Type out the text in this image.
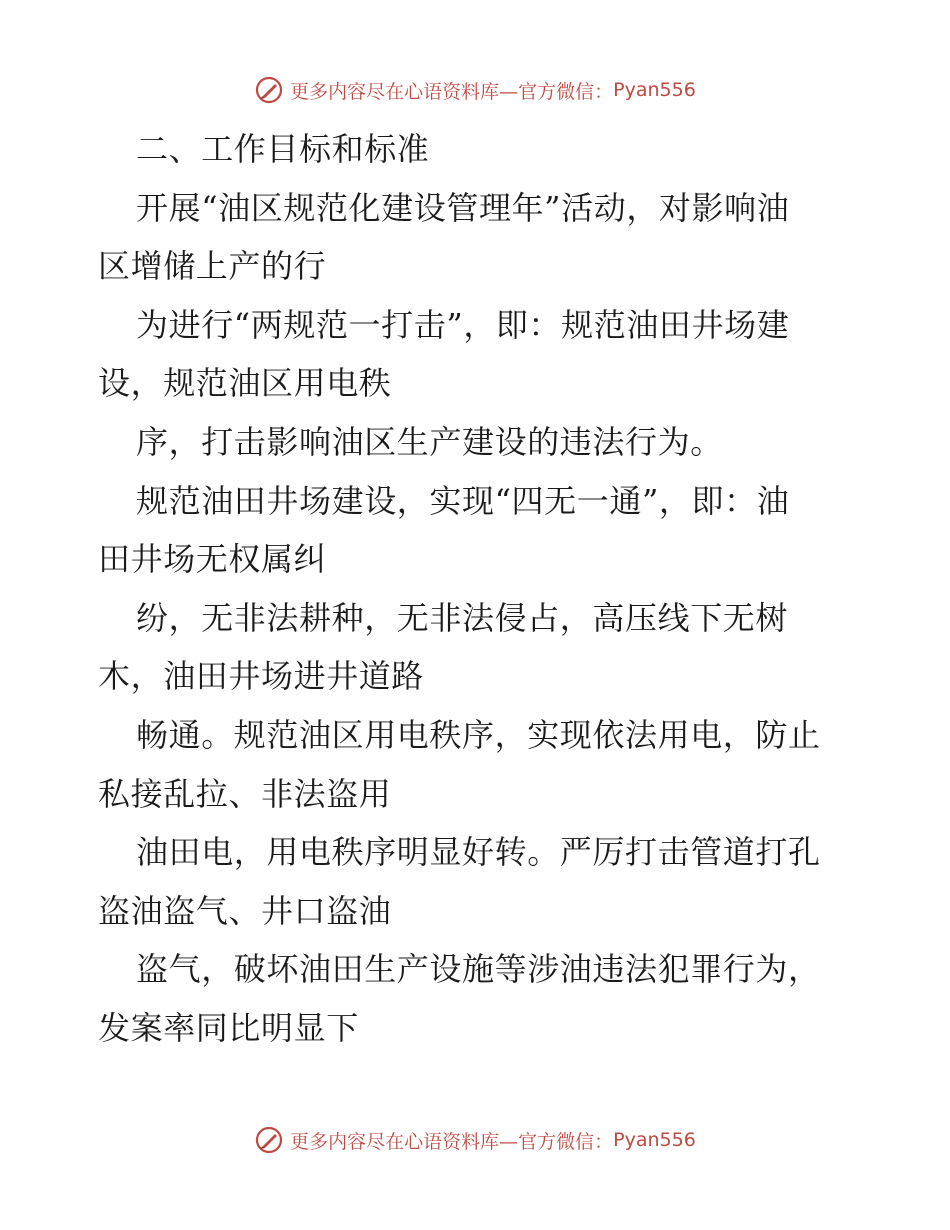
更多内容尽在心语资料库—官方微信： Pyan556
二、工作目标和标准
开展“油区规范化建设管理年”活动，对影响油
区增储上产的行
为进行“两规范一打击”，即：规范油田井场建
设，规范油区用电秩
序，打击影响油区生产建设的违法行为。
规范油田井场建设，实现“四无一通”，即：油
田井场无权属纠
纷，无非法耕种，无非法侵占，高压线下无树
木，油田井场进井道路
畅通。规范油区用电秩序，实现依法用电，防止
私接乱拉、非法盗用
油田电，用电秩序明显好转。严厉打击管道打孔
盗油盗气、井口盗油
盗气，破坏油田生产设施等涉油违法犯罪行为，
发案率同比明显下
更多内容尽在心语资料库—官方微信： Pyan556
